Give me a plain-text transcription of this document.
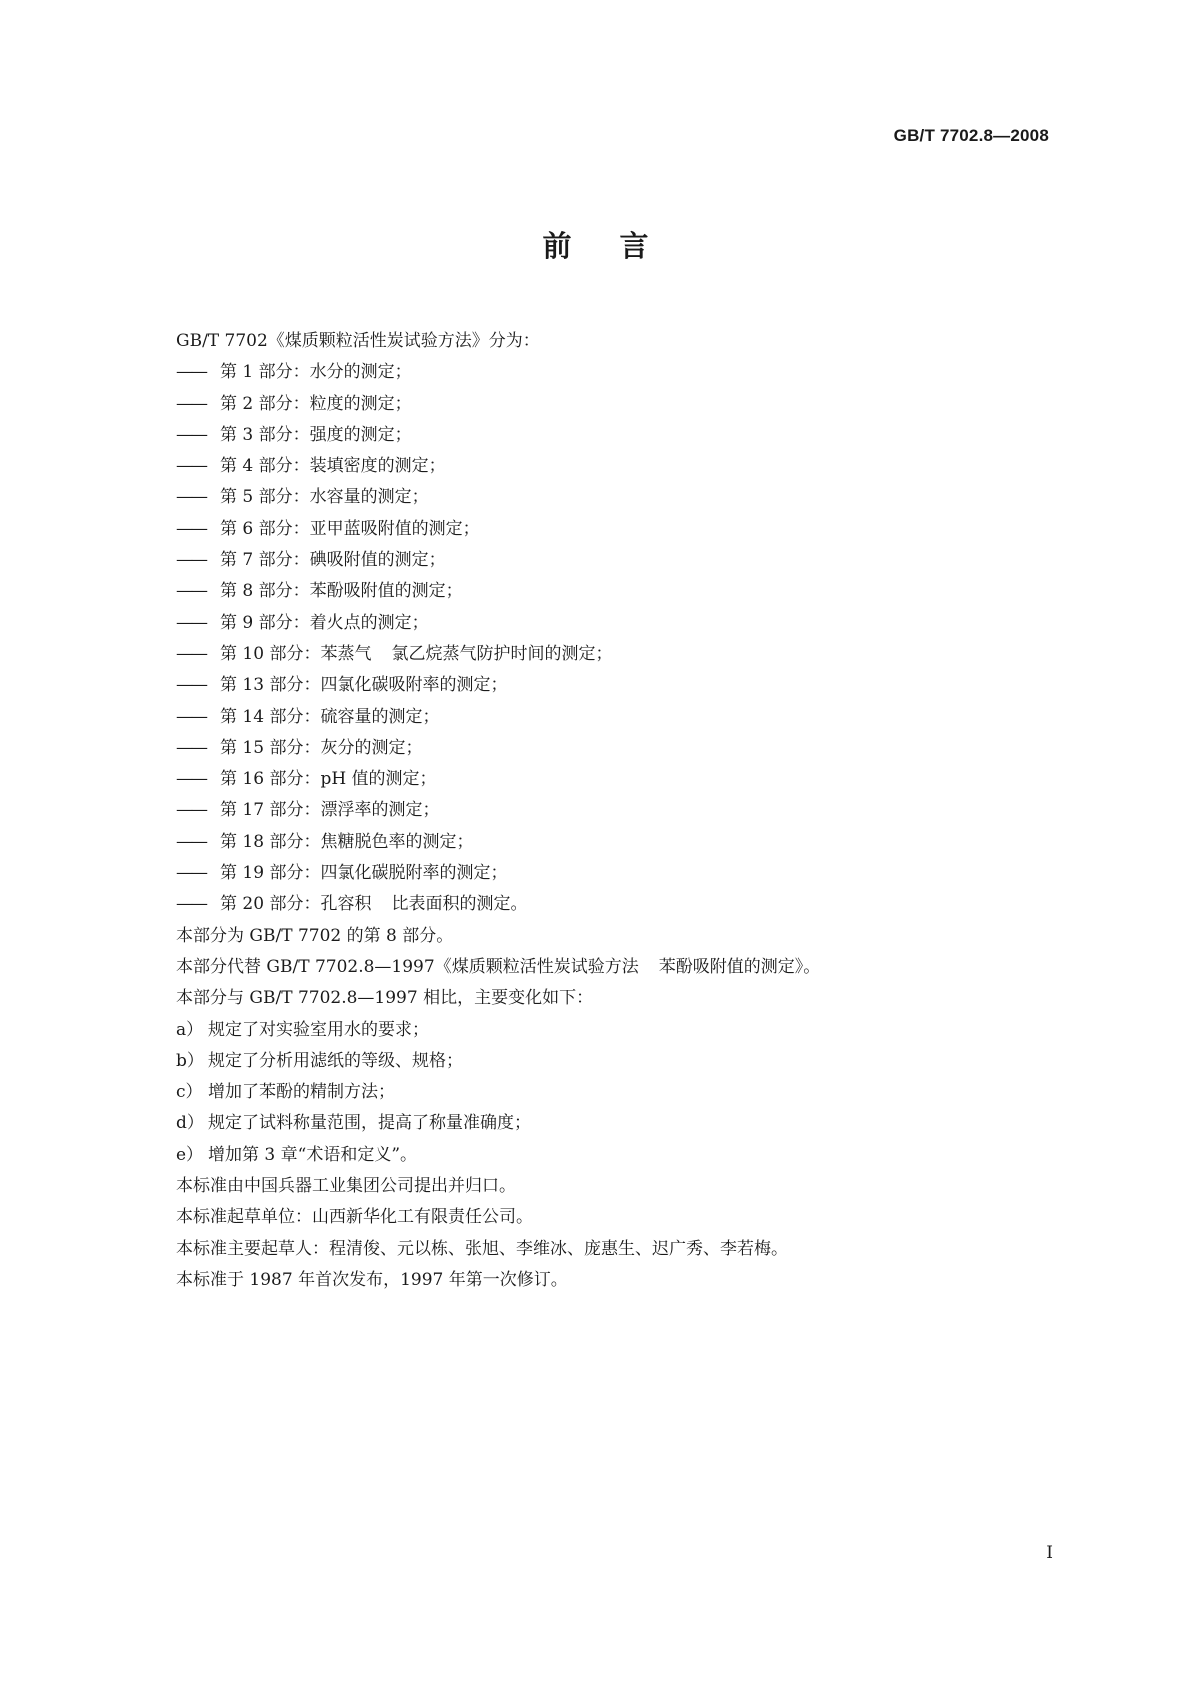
GB/T 7702.8—2008
前言
GB/T 7702《煤质颗粒活性炭试验方法》分为：
—— 第 1 部分：水分的测定；
—— 第 2 部分：粒度的测定；
—— 第 3 部分：强度的测定；
—— 第 4 部分：装填密度的测定；
—— 第 5 部分：水容量的测定；
—— 第 6 部分：亚甲蓝吸附值的测定；
—— 第 7 部分：碘吸附值的测定；
—— 第 8 部分：苯酚吸附值的测定；
—— 第 9 部分：着火点的测定；
—— 第 10 部分：苯蒸气 氯乙烷蒸气防护时间的测定；
—— 第 13 部分：四氯化碳吸附率的测定；
—— 第 14 部分：硫容量的测定；
—— 第 15 部分：灰分的测定；
—— 第 16 部分：pH 值的测定；
—— 第 17 部分：漂浮率的测定；
—— 第 18 部分：焦糖脱色率的测定；
—— 第 19 部分：四氯化碳脱附率的测定；
—— 第 20 部分：孔容积 比表面积的测定。
本部分为 GB/T 7702 的第 8 部分。
本部分代替 GB/T 7702.8—1997《煤质颗粒活性炭试验方法 苯酚吸附值的测定》。
本部分与 GB/T 7702.8—1997 相比，主要变化如下：
a） 规定了对实验室用水的要求；
b） 规定了分析用滤纸的等级、规格；
c） 增加了苯酚的精制方法；
d） 规定了试料称量范围，提高了称量准确度；
e） 增加第 3 章“术语和定义”。
本标准由中国兵器工业集团公司提出并归口。
本标准起草单位：山西新华化工有限责任公司。
本标准主要起草人：程清俊、元以栋、张旭、李维冰、庞惠生、迟广秀、李若梅。
本标准于 1987 年首次发布，1997 年第一次修订。
I
